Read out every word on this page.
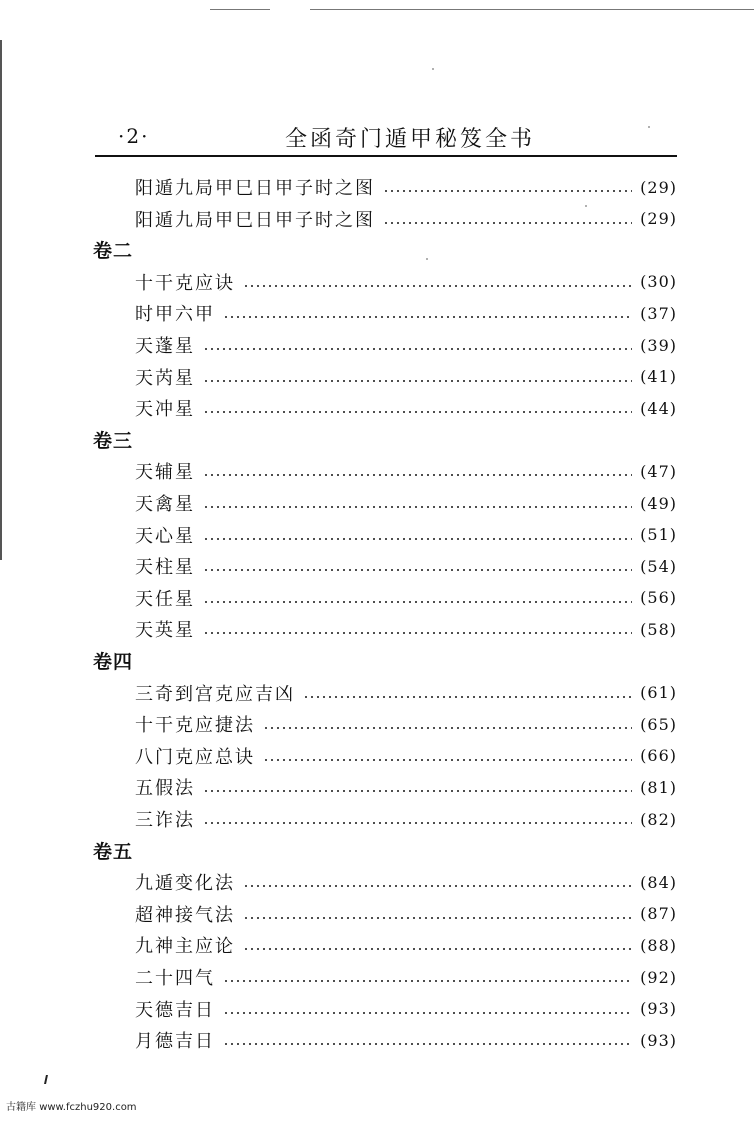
·2·	全函奇门遁甲秘笈全书
阳遁九局甲巳日甲子时之图	(29)
阳遁九局甲巳日甲子时之图	(29)
卷二
十干克应诀	(30)
时甲六甲	(37)
天蓬星	(39)
天芮星	(41)
天冲星	(44)
卷三
天辅星	(47)
天禽星	(49)
天心星	(51)
天柱星	(54)
天任星	(56)
天英星	(58)
卷四
三奇到宫克应吉凶	(61)
十干克应捷法	(65)
八门克应总诀	(66)
五假法	(81)
三诈法	(82)
卷五
九遁变化法	(84)
超神接气法	(87)
九神主应论	(88)
二十四气	(92)
天德吉日	(93)
月德吉日	(93)
古籍库 www.fczhu920.com
